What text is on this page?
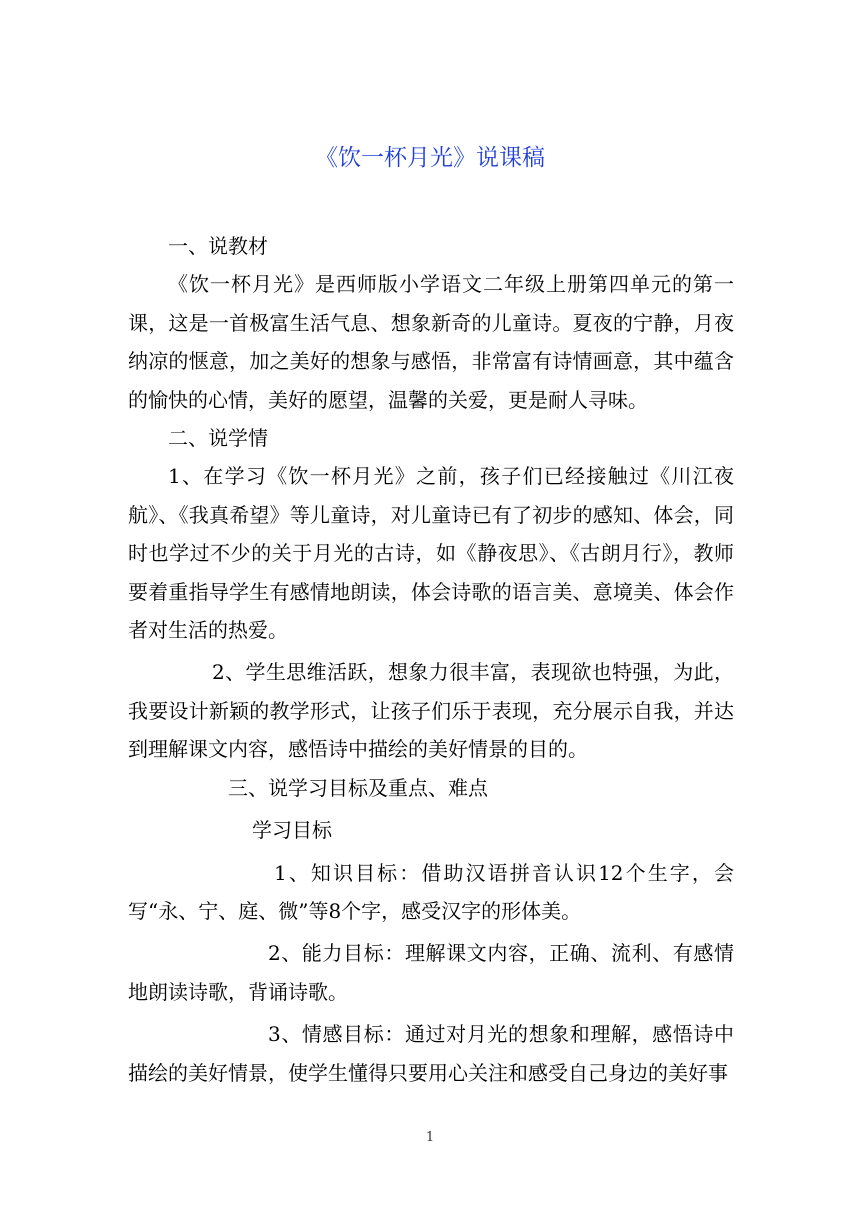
《饮一杯月光》说课稿

一、说教材

《饮一杯月光》是西师版小学语文二年级上册第四单元的第一课，这是一首极富生活气息、想象新奇的儿童诗。夏夜的宁静，月夜纳凉的惬意，加之美好的想象与感悟，非常富有诗情画意，其中蕴含的愉快的心情，美好的愿望，温馨的关爱，更是耐人寻味。

二、说学情

1、在学习《饮一杯月光》之前，孩子们已经接触过《川江夜航》、《我真希望》等儿童诗，对儿童诗已有了初步的感知、体会，同时也学过不少的关于月光的古诗，如《静夜思》、《古朗月行》，教师要着重指导学生有感情地朗读，体会诗歌的语言美、意境美、体会作者对生活的热爱。

2、学生思维活跃，想象力很丰富，表现欲也特强，为此，我要设计新颖的教学形式，让孩子们乐于表现，充分展示自我，并达到理解课文内容，感悟诗中描绘的美好情景的目的。

三、说学习目标及重点、难点

学习目标

1、知识目标：借助汉语拼音认识12个生字，会写“永、宁、庭、微”等8个字，感受汉字的形体美。

2、能力目标：理解课文内容，正确、流利、有感情地朗读诗歌，背诵诗歌。

3、情感目标：通过对月光的想象和理解，感悟诗中描绘的美好情景，使学生懂得只要用心关注和感受自己身边的美好事

1
